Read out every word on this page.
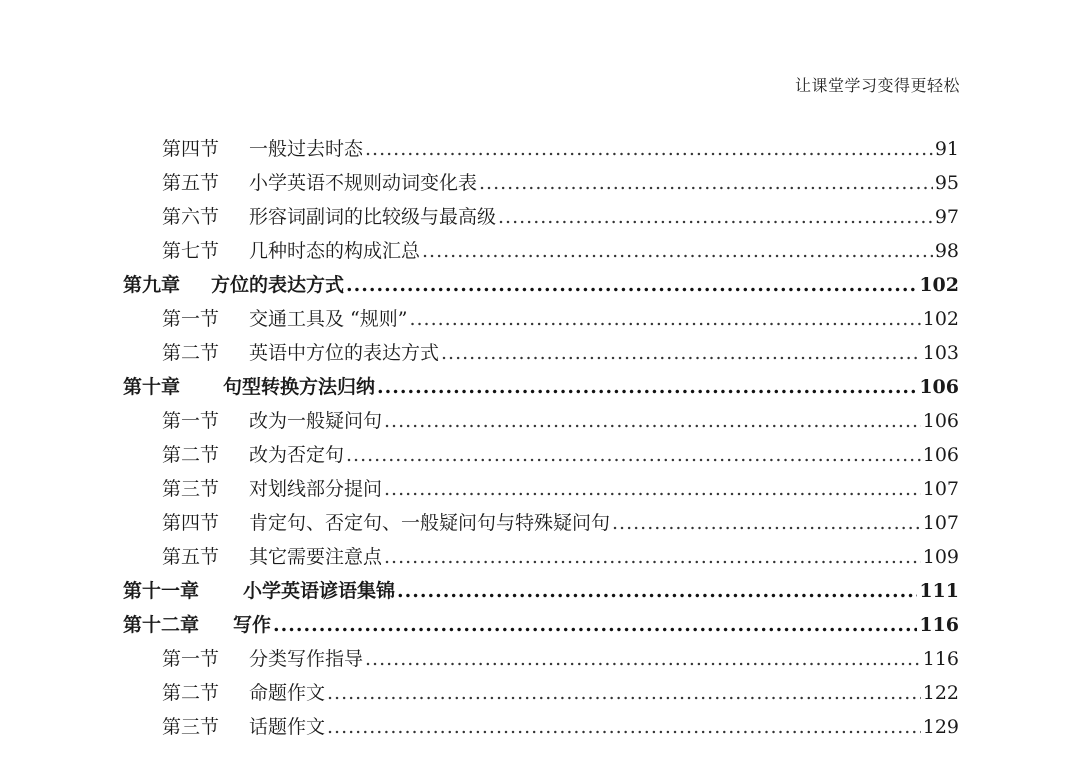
让课堂学习变得更轻松
第四节	一般过去时态 .....	91
第五节	小学英语不规则动词变化表 .....	95
第六节	形容词副词的比较级与最高级 .....	97
第七节	几种时态的构成汇总 .....	98
第九章	方位的表达方式 .....	102
第一节	交通工具及 “规则” .....	102
第二节	英语中方位的表达方式 .....	103
第十章	句型转换方法归纳 .....	106
第一节	改为一般疑问句 .....	106
第二节	改为否定句 .....	106
第三节	对划线部分提问 .....	107
第四节	肯定句、否定句、一般疑问句与特殊疑问句 .....	107
第五节	其它需要注意点 .....	109
第十一章	小学英语谚语集锦 .....	111
第十二章	写作 .....	116
第一节	分类写作指导 .....	116
第二节	命题作文 .....	122
第三节	话题作文 .....	129
